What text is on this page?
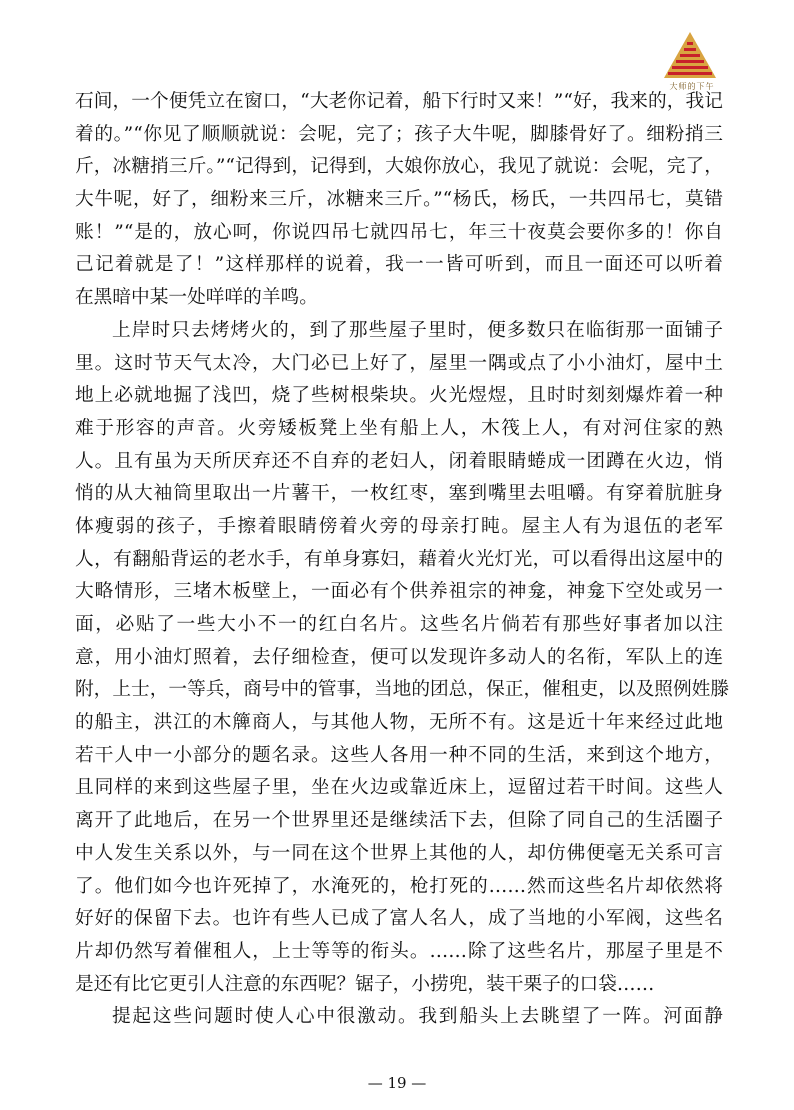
大师的下午
石间，一个便凭立在窗口，“大老你记着，船下行时又来！”“好，我来的，我记
着的。”“你见了顺顺就说：会呢，完了；孩子大牛呢，脚膝骨好了。细粉捎三
斤，冰糖捎三斤。”“记得到，记得到，大娘你放心，我见了就说：会呢，完了，
大牛呢，好了，细粉来三斤，冰糖来三斤。”“杨氏，杨氏，一共四吊七，莫错
账！”“是的，放心呵，你说四吊七就四吊七，年三十夜莫会要你多的！你自
己记着就是了！”这样那样的说着，我一一皆可听到，而且一面还可以听着
在黑暗中某一处咩咩的羊鸣。
上岸时只去烤烤火的，到了那些屋子里时，便多数只在临街那一面铺子
里。这时节天气太冷，大门必已上好了，屋里一隅或点了小小油灯，屋中土
地上必就地掘了浅凹，烧了些树根柴块。火光煜煜，且时时刻刻爆炸着一种
难于形容的声音。火旁矮板凳上坐有船上人，木筏上人，有对河住家的熟
人。且有虽为天所厌弃还不自弃的老妇人，闭着眼睛蜷成一团蹲在火边，悄
悄的从大袖筒里取出一片薯干，一枚红枣，塞到嘴里去咀嚼。有穿着肮脏身
体瘦弱的孩子，手擦着眼睛傍着火旁的母亲打盹。屋主人有为退伍的老军
人，有翻船背运的老水手，有单身寡妇，藉着火光灯光，可以看得出这屋中的
大略情形，三堵木板壁上，一面必有个供养祖宗的神龛，神龛下空处或另一
面，必贴了一些大小不一的红白名片。这些名片倘若有那些好事者加以注
意，用小油灯照着，去仔细检查，便可以发现许多动人的名衔，军队上的连
附，上士，一等兵，商号中的管事，当地的团总，保正，催租吏，以及照例姓滕
的船主，洪江的木簰商人，与其他人物，无所不有。这是近十年来经过此地
若干人中一小部分的题名录。这些人各用一种不同的生活，来到这个地方，
且同样的来到这些屋子里，坐在火边或靠近床上，逗留过若干时间。这些人
离开了此地后，在另一个世界里还是继续活下去，但除了同自己的生活圈子
中人发生关系以外，与一同在这个世界上其他的人，却仿佛便毫无关系可言
了。他们如今也许死掉了，水淹死的，枪打死的……然而这些名片却依然将
好好的保留下去。也许有些人已成了富人名人，成了当地的小军阀，这些名
片却仍然写着催租人，上士等等的衔头。……除了这些名片，那屋子里是不
是还有比它更引人注意的东西呢？锯子，小捞兜，装干栗子的口袋……
提起这些问题时使人心中很激动。我到船头上去眺望了一阵。河面静
— 19 —
